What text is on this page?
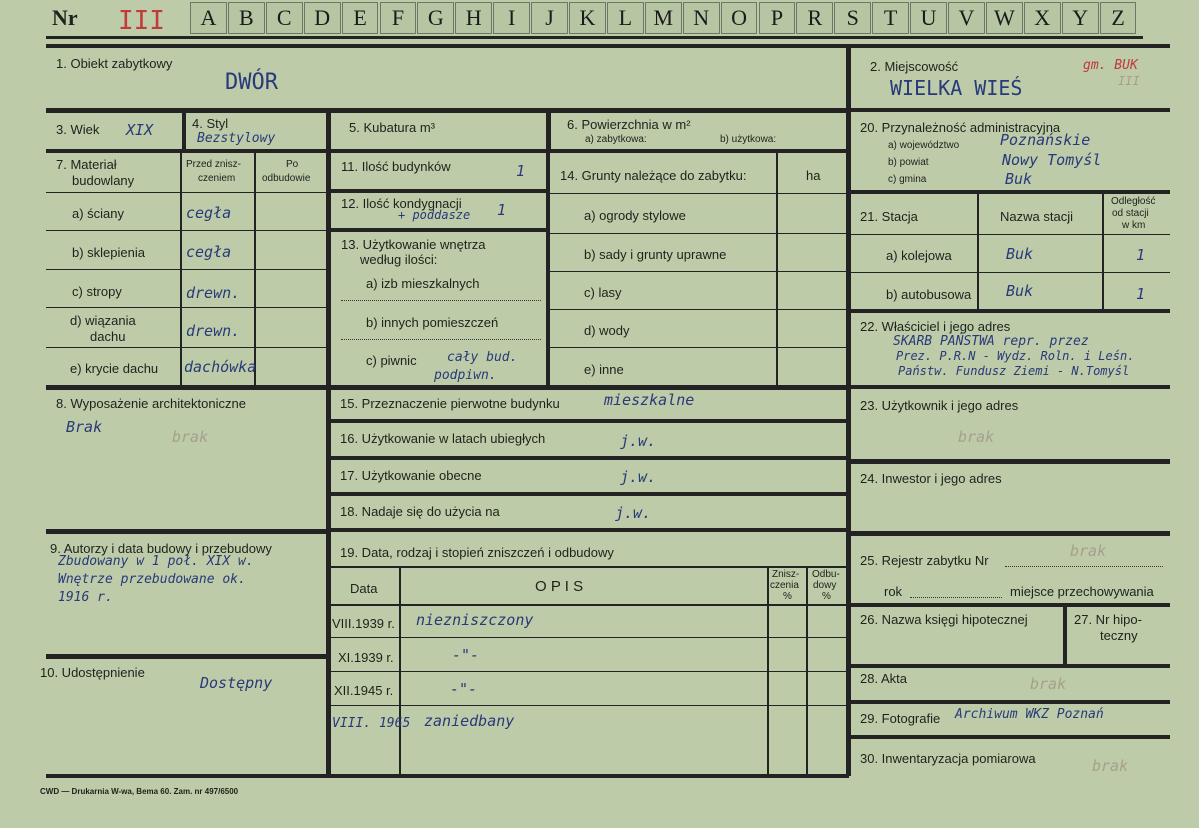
Nr III	A	B	C	D	E	F	G	H	I	J	K	L M N	O	P	R	S	T	U	V W X	Y	Z
1. Obiekt zabytkowy
DWÓR
2. Miejscowość
WIELKA WIEŚ
gm. BUK
3. Wiek XIX	4. Styl
Bezstylowy
5. Kubatura m³	6. Powierzchnia w m²
a) zabytkowa:	b) użytkowa:
20. Przynależność administracyjna
a) województwo	Poznańskie
b) powiat	Nowy Tomyśl
c) gmina	Buk
7. Materiał
budowlany
Przed znisz-
czeniem
Po
odbudowie
a) ściany	cegła
b) sklepienia	cegła
c) stropy	drewn.
d) wiązania
dachu	drewn.
e) krycie dachu dachówka
11. Ilość budynków	1
12. Ilość kondygnacji
+ poddasze 1
13. Użytkowanie wnętrza
według ilości:
a) izb mieszkalnych
b) innych pomieszczeń
c) piwnic cały bud.
podpiwn.
14. Grunty należące do zabytku:	ha
a) ogrody stylowe
b) sady i grunty uprawne
c) lasy
d) wody
e) inne
21. Stacja	Nazwa stacji
Odległość
od stacji
w km
a) kolejowa	Buk	1
b) autobusowa Buk	1
22. Właściciel i jego adres
SKARB PAŃSTWA repr. przez
Prez. P.R.N - Wydz. Roln. i Leśn.
Państw. Fundusz Ziemi - N.Tomyśl
8. Wyposażenie architektoniczne
Brak
brak
15. Przeznaczenie pierwotne budynku	mieszkalne
16. Użytkowanie w latach ubiegłych	j.w.
17. Użytkowanie obecne	j.w.
18. Nadaje się do użycia na	j.w.
23. Użytkownik i jego adres
brak
24. Inwestor i jego adres
9. Autorzy i data budowy i przebudowy
Zbudowany w 1 poł. XIX w.
Wnętrze przebudowane ok.
1916 r.
19. Data, rodzaj i stopień zniszczeń i odbudowy
Data	O P I S
Znisz-
czenia
%
Odbu-
dowy
%
VIII.1939 r. niezniszczony
XI.1939 r.	-"-
XII.1945 r.	-"-
VIII. 1965 zaniedbany
25. Rejestr zabytku Nr
brak
rok	miejsce przechowywania
26. Nazwa księgi hipotecznej	27. Nr hipo-
teczny
28. Akta	brak
29. Fotografie Archiwum WKZ Poznań
30. Inwentaryzacja pomiarowa	brak
10. Udostępnienie
Dostępny
CWD — Drukarnia W-wa, Bema 60. Zam. nr 497/6500
III
